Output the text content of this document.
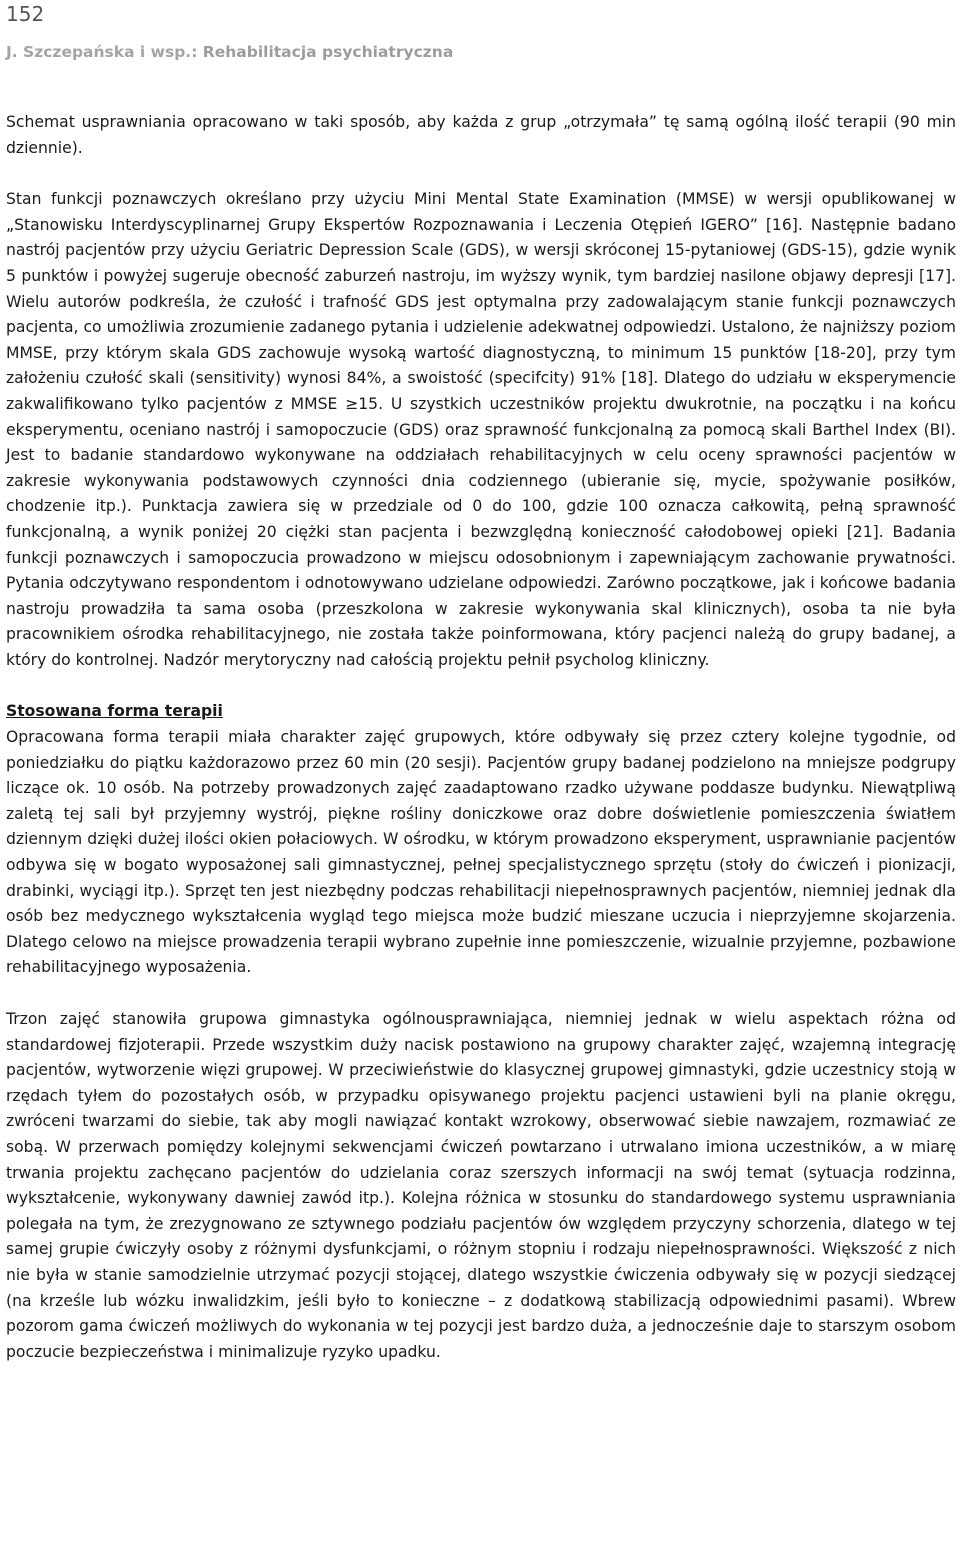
152
J. Szczepańska i wsp.: Rehabilitacja psychiatryczna

Schemat usprawniania opracowano w taki sposób, aby każda z grup „otrzymała” tę samą ogólną ilość terapii (90 min dziennie).

Stan funkcji poznawczych określano przy użyciu Mini Mental State Examination (MMSE) w wersji opublikowanej w „Stanowisku Interdyscyplinarnej Grupy Ekspertów Rozpoznawania i Leczenia Otępień IGERO” [16]. Następnie badano nastrój pacjentów przy użyciu Geriatric Depression Scale (GDS), w wersji skróconej 15-pytaniowej (GDS-15), gdzie wynik 5 punktów i powyżej sugeruje obecność zaburzeń nastroju, im wyższy wynik, tym bardziej nasilone objawy depresji [17]. Wielu autorów podkreśla, że czułość i trafność GDS jest optymalna przy zadowalającym stanie funkcji poznawczych pacjenta, co umożliwia zrozumienie zadanego pytania i udzielenie adekwatnej odpowiedzi. Ustalono, że najniższy poziom MMSE, przy którym skala GDS zachowuje wysoką wartość diagnostyczną, to minimum 15 punktów [18-20], przy tym założeniu czułość skali (sensitivity) wynosi 84%, a swoistość (specifcity) 91% [18]. Dlatego do udziału w eksperymencie zakwalifikowano tylko pacjentów z MMSE ≥15. U szystkich uczestników projektu dwukrotnie, na początku i na końcu eksperymentu, oceniano nastrój i samopoczucie (GDS) oraz sprawność funkcjonalną za pomocą skali Barthel Index (BI). Jest to badanie standardowo wykonywane na oddziałach rehabilitacyjnych w celu oceny sprawności pacjentów w zakresie wykonywania podstawowych czynności dnia codziennego (ubieranie się, mycie, spożywanie posiłków, chodzenie itp.). Punktacja zawiera się w przedziale od 0 do 100, gdzie 100 oznacza całkowitą, pełną sprawność funkcjonalną, a wynik poniżej 20 ciężki stan pacjenta i bezwzględną konieczność całodobowej opieki [21]. Badania funkcji poznawczych i samopoczucia prowadzono w miejscu odosobnionym i zapewniającym zachowanie prywatności. Pytania odczytywano respondentom i odnotowywano udzielane odpowiedzi. Zarówno początkowe, jak i końcowe badania nastroju prowadziła ta sama osoba (przeszkolona w zakresie wykonywania skal klinicznych), osoba ta nie była pracownikiem ośrodka rehabilitacyjnego, nie została także poinformowana, który pacjenci należą do grupy badanej, a który do kontrolnej. Nadzór merytoryczny nad całością projektu pełnił psycholog kliniczny.

Stosowana forma terapii

Opracowana forma terapii miała charakter zajęć grupowych, które odbywały się przez cztery kolejne tygodnie, od poniedziałku do piątku każdorazowo przez 60 min (20 sesji). Pacjentów grupy badanej podzielono na mniejsze podgrupy liczące ok. 10 osób. Na potrzeby prowadzonych zajęć zaadaptowano rzadko używane poddasze budynku. Niewątpliwą zaletą tej sali był przyjemny wystrój, piękne rośliny doniczkowe oraz dobre doświetlenie pomieszczenia światłem dziennym dzięki dużej ilości okien połaciowych. W ośrodku, w którym prowadzono eksperyment, usprawnianie pacjentów odbywa się w bogato wyposażonej sali gimnastycznej, pełnej specjalistycznego sprzętu (stoły do ćwiczeń i pionizacji, drabinki, wyciągi itp.). Sprzęt ten jest niezbędny podczas rehabilitacji niepełnosprawnych pacjentów, niemniej jednak dla osób bez medycznego wykształcenia wygląd tego miejsca może budzić mieszane uczucia i nieprzyjemne skojarzenia. Dlatego celowo na miejsce prowadzenia terapii wybrano zupełnie inne pomieszczenie, wizualnie przyjemne, pozbawione rehabilitacyjnego wyposażenia.

Trzon zajęć stanowiła grupowa gimnastyka ogólnousprawniająca, niemniej jednak w wielu aspektach różna od standardowej fizjoterapii. Przede wszystkim duży nacisk postawiono na grupowy charakter zajęć, wzajemną integrację pacjentów, wytworzenie więzi grupowej. W przeciwieństwie do klasycznej grupowej gimnastyki, gdzie uczestnicy stoją w rzędach tyłem do pozostałych osób, w przypadku opisywanego projektu pacjenci ustawieni byli na planie okręgu, zwróceni twarzami do siebie, tak aby mogli nawiązać kontakt wzrokowy, obserwować siebie nawzajem, rozmawiać ze sobą. W przerwach pomiędzy kolejnymi sekwencjami ćwiczeń powtarzano i utrwalano imiona uczestników, a w miarę trwania projektu zachęcano pacjentów do udzielania coraz szerszych informacji na swój temat (sytuacja rodzinna, wykształcenie, wykonywany dawniej zawód itp.). Kolejna różnica w stosunku do standardowego systemu usprawniania polegała na tym, że zrezygnowano ze sztywnego podziału pacjentów ów względem przyczyny schorzenia, dlatego w tej samej grupie ćwiczyły osoby z różnymi dysfunkcjami, o różnym stopniu i rodzaju niepełnosprawności. Większość z nich nie była w stanie samodzielnie utrzymać pozycji stojącej, dlatego wszystkie ćwiczenia odbywały się w pozycji siedzącej (na krześle lub wózku inwalidzkim, jeśli było to konieczne – z dodatkową stabilizacją odpowiednimi pasami). Wbrew pozorom gama ćwiczeń możliwych do wykonania w tej pozycji jest bardzo duża, a jednocześnie daje to starszym osobom poczucie bezpieczeństwa i minimalizuje ryzyko upadku.
